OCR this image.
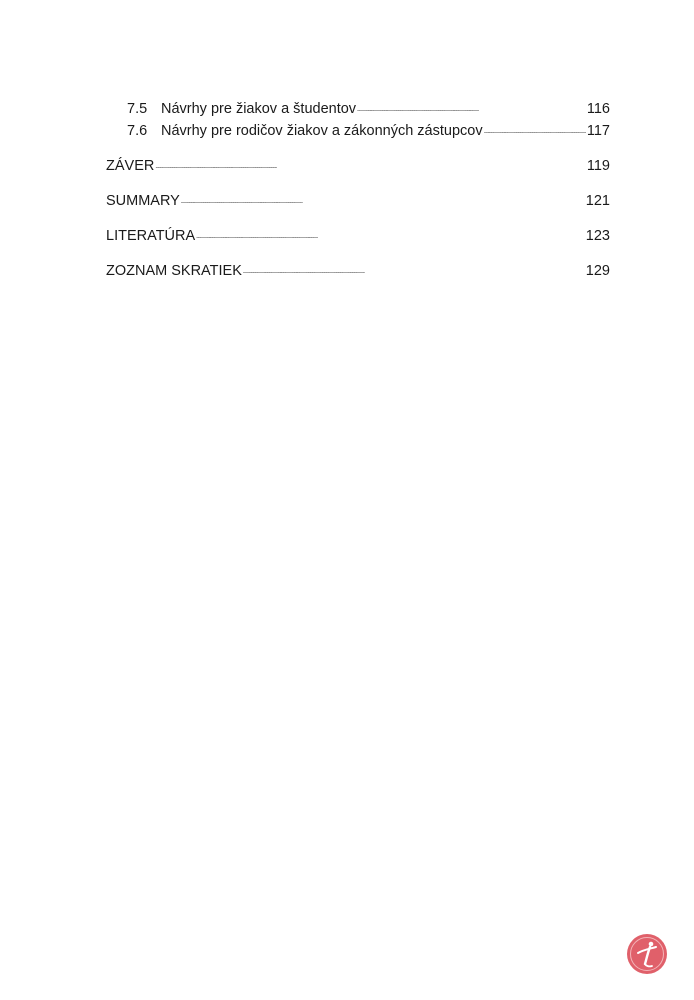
7.5 Návrhy pre žiakov a študentov . . .	116
7.6 Návrhy pre rodičov žiakov a zákonných zástupcov . . .	117
ZÁVER . . .	119
SUMMARY . . .	121
LITERATÚRA . . .	123
ZOZNAM SKRATIEK . . .	129
